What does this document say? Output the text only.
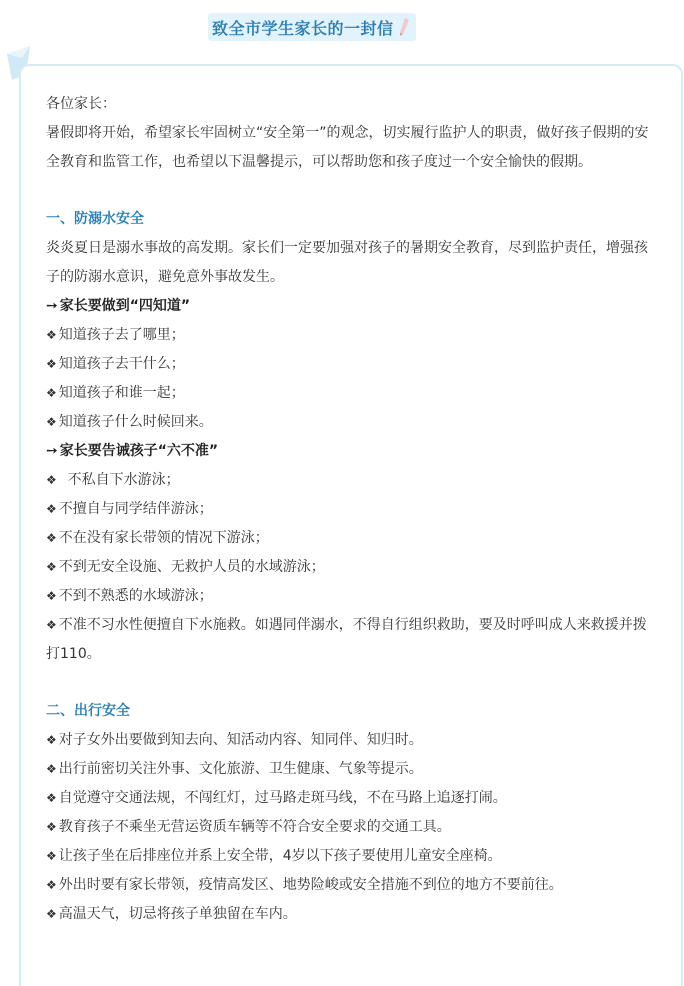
致全市学生家长的一封信

各位家长：

暑假即将开始，希望家长牢固树立“安全第一”的观念，切实履行监护人的职责，做好孩子假期的安全教育和监管工作，也希望以下温馨提示，可以帮助您和孩子度过一个安全愉快的假期。

一、防溺水安全

炎炎夏日是溺水事故的高发期。家长们一定要加强对孩子的暑期安全教育，尽到监护责任，增强孩子的防溺水意识，避免意外事故发生。

➙ 家长要做到“四知道”

❖ 知道孩子去了哪里；

❖ 知道孩子去干什么；

❖ 知道孩子和谁一起；

❖ 知道孩子什么时候回来。

➙ 家长要告诫孩子“六不准”

❖  不私自下水游泳；

❖ 不擅自与同学结伴游泳；

❖ 不在没有家长带领的情况下游泳；

❖ 不到无安全设施、无救护人员的水域游泳；

❖ 不到不熟悉的水域游泳；

❖ 不准不习水性便擅自下水施救。如遇同伴溺水，不得自行组织救助，要及时呼叫成人来救援并拨打110。

二、出行安全

❖ 对子女外出要做到知去向、知活动内容、知同伴、知归时。

❖ 出行前密切关注外事、文化旅游、卫生健康、气象等提示。

❖ 自觉遵守交通法规，不闯红灯，过马路走斑马线，不在马路上追逐打闹。

❖ 教育孩子不乘坐无营运资质车辆等不符合安全要求的交通工具。

❖ 让孩子坐在后排座位并系上安全带，4岁以下孩子要使用儿童安全座椅。

❖ 外出时要有家长带领，疫情高发区、地势险峻或安全措施不到位的地方不要前往。

❖ 高温天气，切忌将孩子单独留在车内。
